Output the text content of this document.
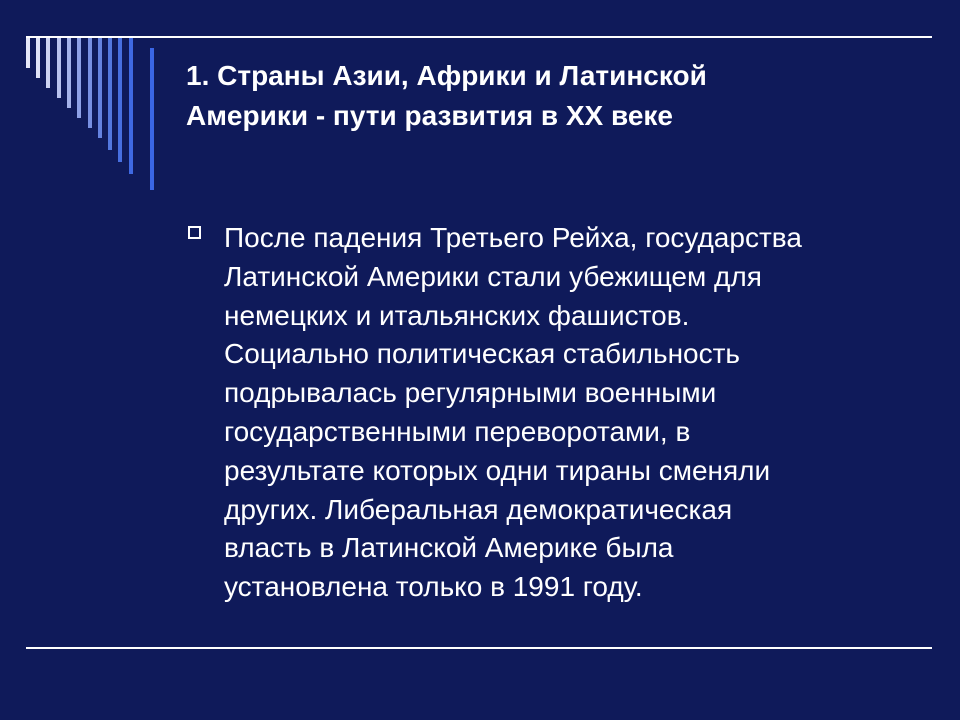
1. Страны Азии, Африки и Латинской
Америки - пути развития в XX веке
После падения Третьего Рейха, государства
Латинской Америки стали убежищем для
немецких и итальянских фашистов.
Социально политическая стабильность
подрывалась регулярными военными
государственными переворотами, в
результате которых одни тираны сменяли
других. Либеральная демократическая
власть в Латинской Америке была
установлена только в 1991 году.
